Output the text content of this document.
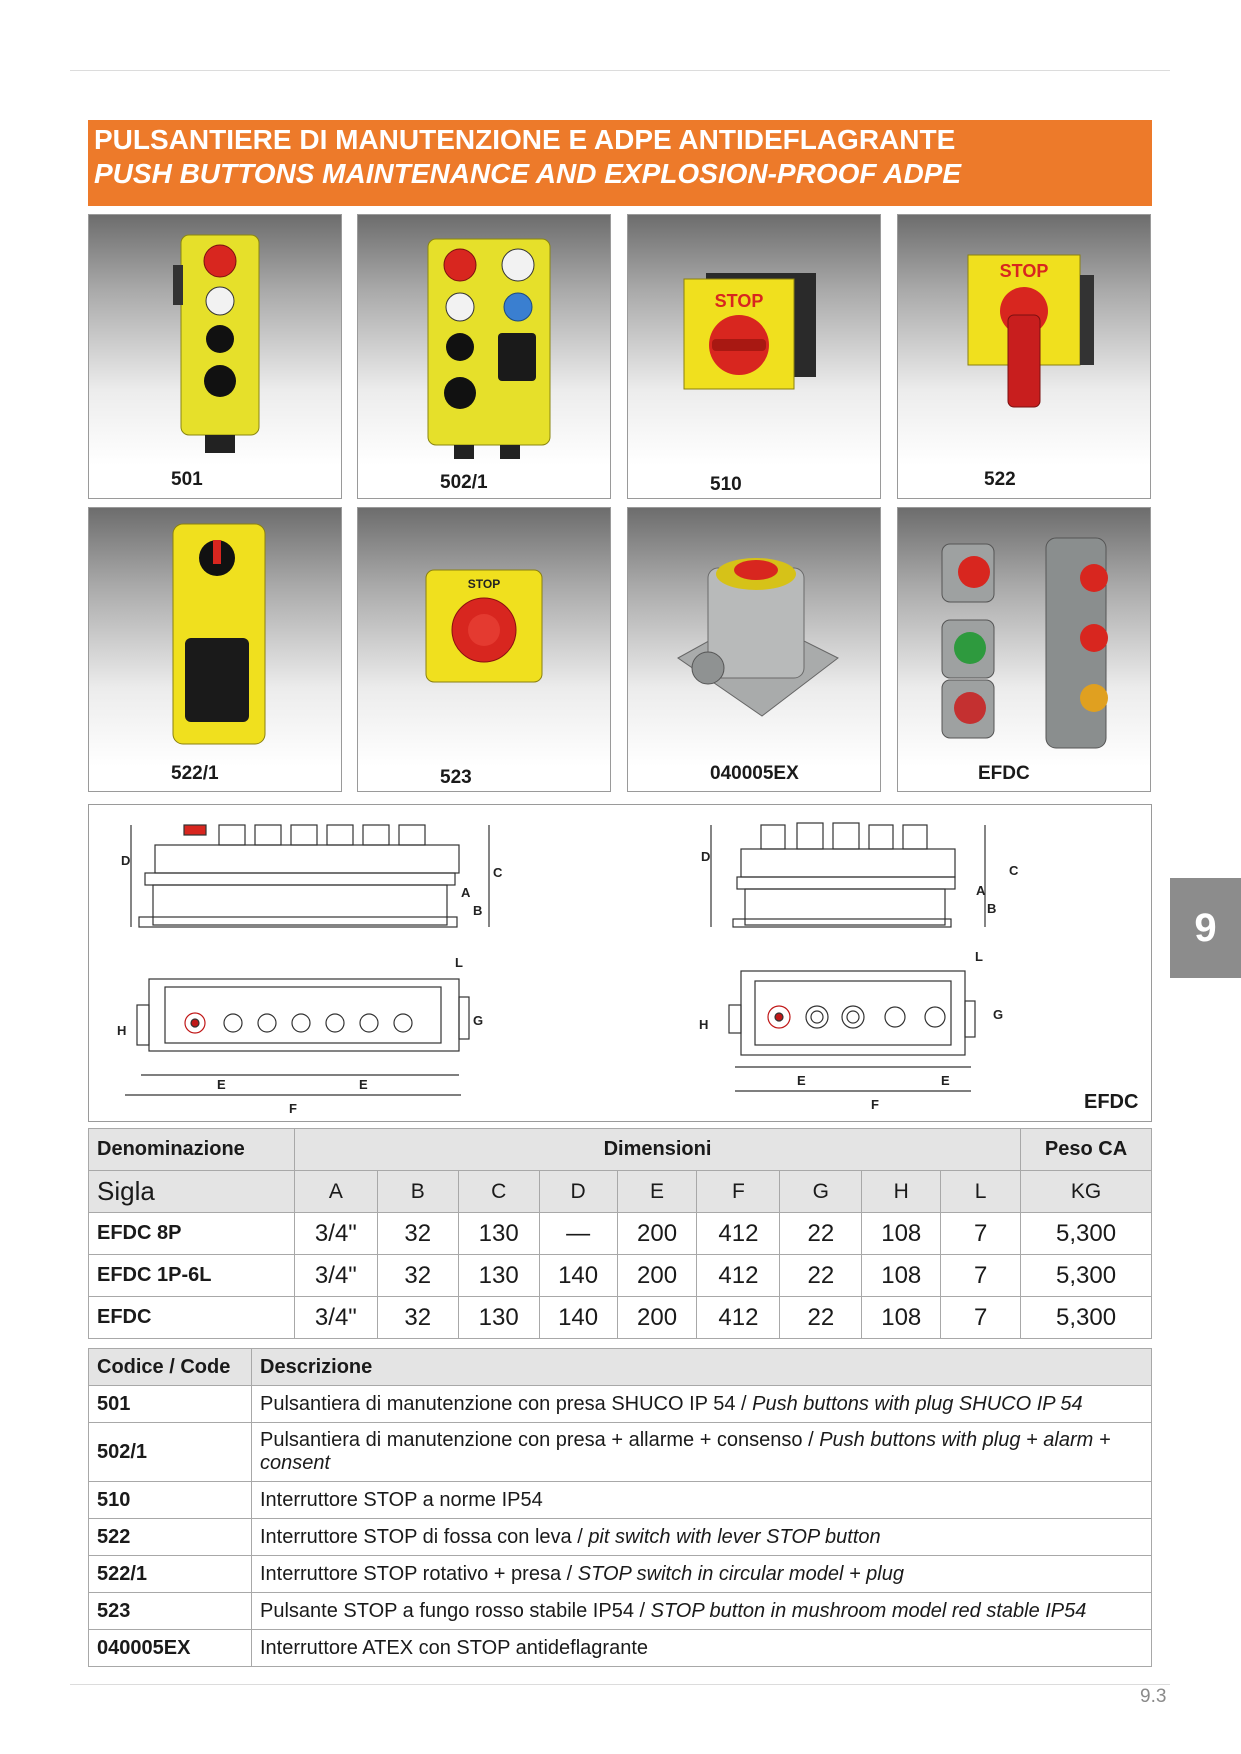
PULSANTIERE DI MANUTENZIONE E ADPE ANTIDEFLAGRANTE
PUSH BUTTONS MAINTENANCE AND EXPLOSION-PROOF ADPE
501	502/1
STOP
510
STOP
522
522/1
STOP
523	040005EX	EFDC
9
D
C
A
B
L
G
H
E	E
F
D
C
A
B
L
G
H
E	E
F	EFDC
Denominazione	Dimensioni									Peso CA
Sigla	A	B	C	D	E	F	G	H	L	KG
EFDC 8P	3/4"	32	130	—	200	412	22	108	7	5,300
EFDC 1P-6L	3/4"	32	130	140	200	412	22	108	7	5,300
EFDC	3/4"	32	130	140	200	412	22	108	7	5,300
Codice / Code	Descrizione
501	Pulsantiera di manutenzione con presa SHUCO IP 54 / Push buttons with plug SHUCO IP 54
502/1	Pulsantiera di manutenzione con presa + allarme + consenso / Push buttons with plug + alarm + consent
510	Interruttore STOP a norme IP54
522	Interruttore STOP di fossa con leva / pit switch with lever STOP button
522/1	Interruttore STOP rotativo + presa / STOP switch in circular model + plug
523	Pulsante STOP a fungo rosso stabile IP54 / STOP button in mushroom model red stable IP54
040005EX	Interruttore ATEX con STOP antideflagrante
9.3
